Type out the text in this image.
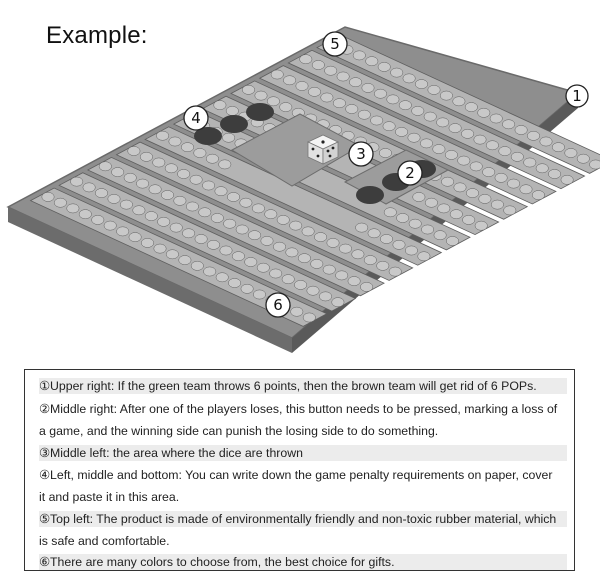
Example:
1
2
3
4
5
6
①Upper right: If the green team throws 6 points, then the brown team will get rid of 6 POPs.
②Middle right: After one of the players loses, this button needs to be pressed, marking a loss of
a game, and the winning side can punish the losing side to do something.
③Middle left: the area where the dice are thrown
④Left, middle and bottom: You can write down the game penalty requirements on paper, cover
it and paste it in this area.
⑤Top left: The product is made of environmentally friendly and non-toxic rubber material, which
is safe and comfortable.
⑥There are many colors to choose from, the best choice for gifts.
